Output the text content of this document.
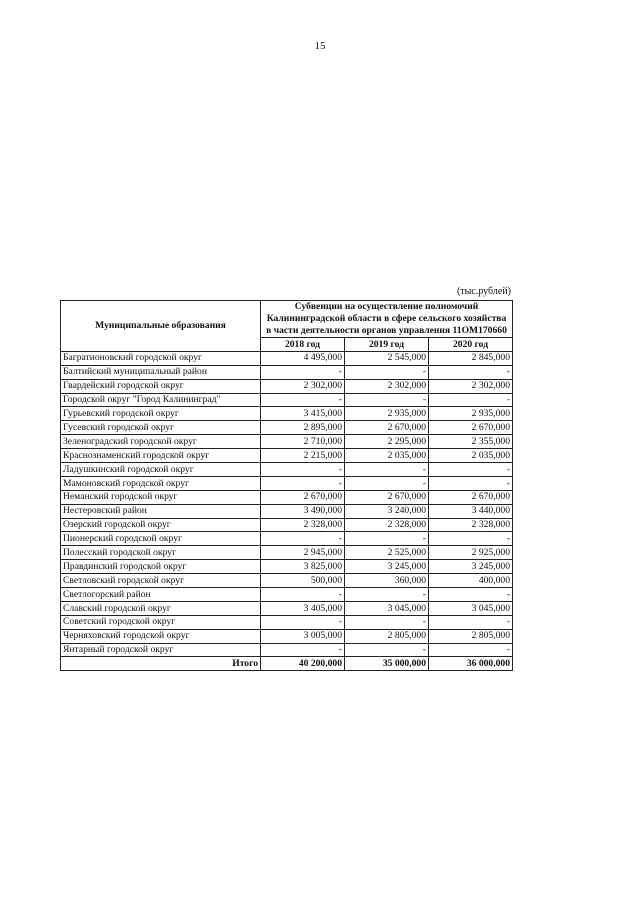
15
(тыс.рублей)
Муниципальные образования	Субвенции на осуществление полномочий Калининградской области в сфере сельского хозяйства в части деятельности органов управления 11ОМ170660		
	2018 год	2019 год	2020 год
Багратионовский городской округ	4 495,000	2 545,000	2 845,000
Балтийский муниципальный район	-	-	-
Гвардейский городской округ	2 302,000	2 302,000	2 302,000
Городской округ "Город Калининград"	-	-	-
Гурьевский городской округ	3 415,000	2 935,000	2 935,000
Гусевский городской округ	2 895,000	2 670,000	2 670,000
Зеленоградский городской округ	2 710,000	2 295,000	2 355,000
Краснознаменский городской округ	2 215,000	2 035,000	2 035,000
Ладушкинский городской округ	-	-	-
Мамоновский городской округ	-	-	-
Неманский городской округ	2 670,000	2 670,000	2 670,000
Нестеровский район	3 490,000	3 240,000	3 440,000
Озерский городской округ	2 328,000	2 328,000	2 328,000
Пионерский городской округ	-	-	-
Полесский городской округ	2 945,000	2 525,000	2 925,000
Правдинский городской округ	3 825,000	3 245,000	3 245,000
Светловский городской округ	500,000	360,000	400,000
Светлогорский район	-	-	-
Славский городской округ	3 405,000	3 045,000	3 045,000
Советский городской округ	-	-	-
Черняховский городской округ	3 005,000	2 805,000	2 805,000
Янтарный городской округ	-	-	-
Итого	40 200,000	35 000,000	36 000,000
